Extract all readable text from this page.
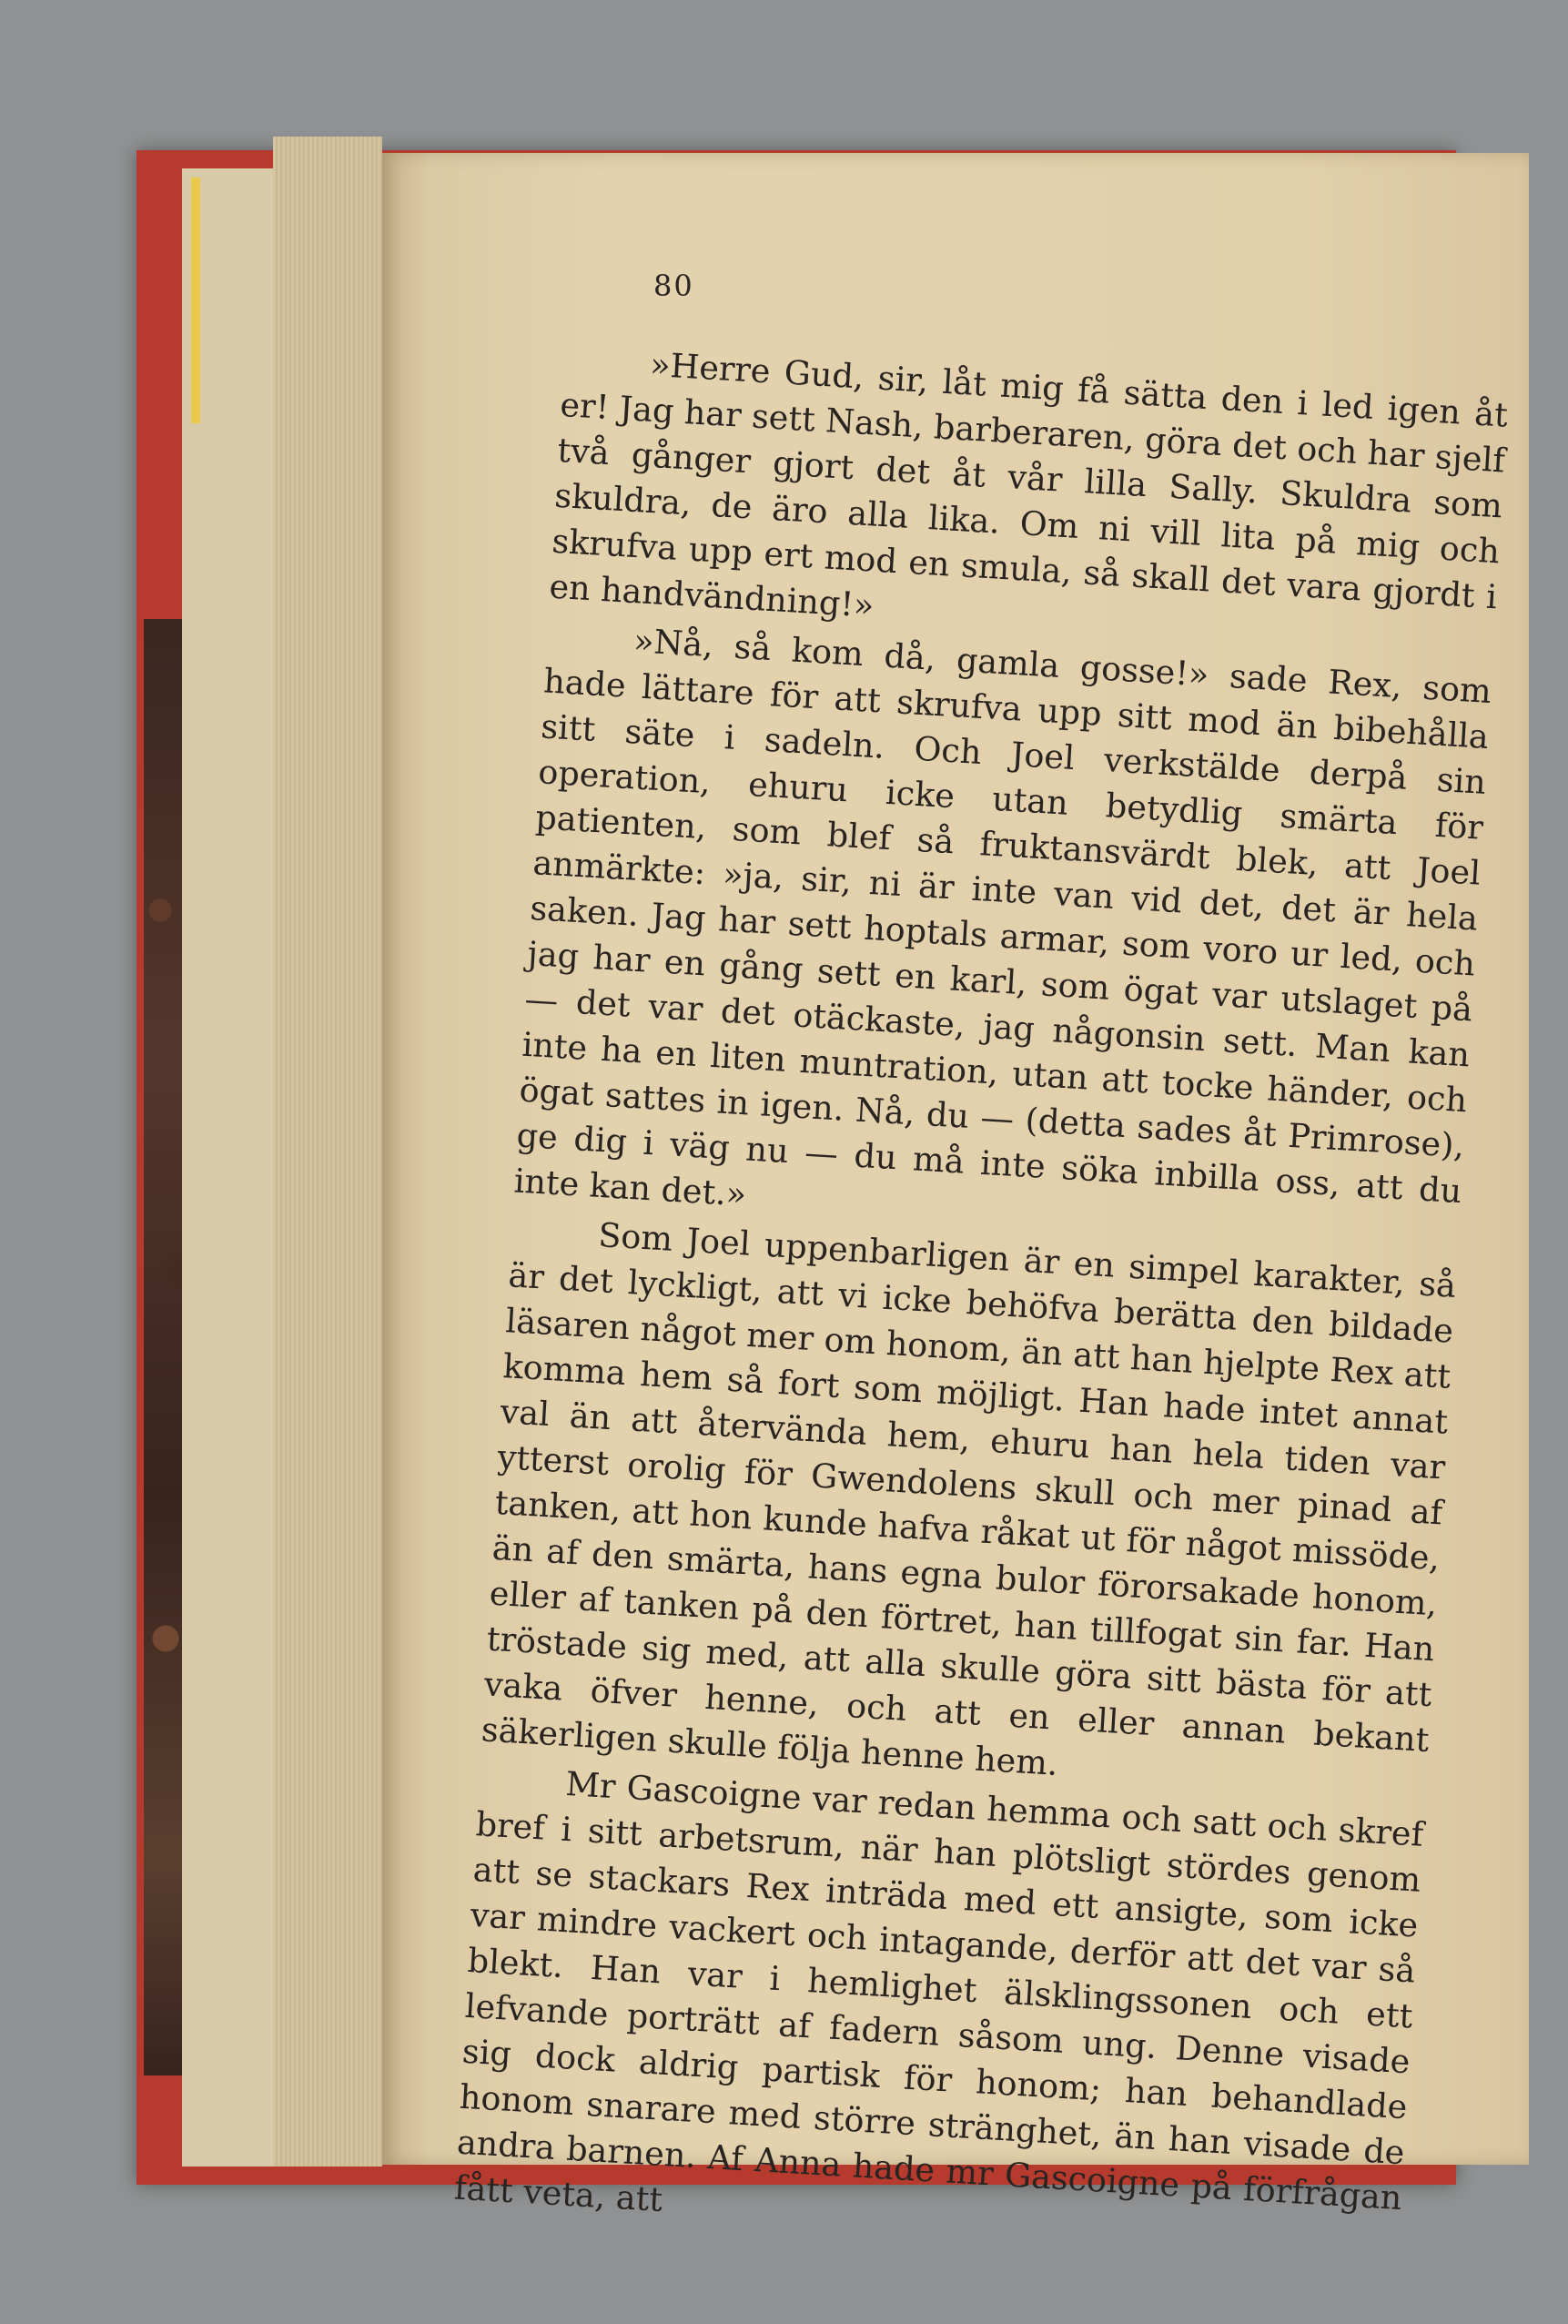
80

»Herre Gud, sir, låt mig få sätta den i led igen åt er! Jag har sett Nash, barberaren, göra det och har sjelf två gånger gjort det åt vår lilla Sally. Skuldra som skuldra, de äro alla lika. Om ni vill lita på mig och skrufva upp ert mod en smula, så skall det vara gjordt i en handvändning!»

»Nå, så kom då, gamla gosse!» sade Rex, som hade lättare för att skrufva upp sitt mod än bibehålla sitt säte i sadeln. Och Joel verkstälde derpå sin operation, ehuru icke utan betydlig smärta för patienten, som blef så fruktansvärdt blek, att Joel anmärkte: »ja, sir, ni är inte van vid det, det är hela saken. Jag har sett hoptals armar, som voro ur led, och jag har en gång sett en karl, som ögat var utslaget på — det var det otäckaste, jag någonsin sett. Man kan inte ha en liten muntration, utan att tocke händer, och ögat sattes in igen. Nå, du — (detta sades åt Primrose), ge dig i väg nu — du må inte söka inbilla oss, att du inte kan det.»

Som Joel uppenbarligen är en simpel karakter, så är det lyckligt, att vi icke behöfva berätta den bildade läsaren något mer om honom, än att han hjelpte Rex att komma hem så fort som möjligt. Han hade intet annat val än att återvända hem, ehuru han hela tiden var ytterst orolig för Gwendolens skull och mer pinad af tanken, att hon kunde hafva råkat ut för något missöde, än af den smärta, hans egna bulor förorsakade honom, eller af tanken på den förtret, han tillfogat sin far. Han tröstade sig med, att alla skulle göra sitt bästa för att vaka öfver henne, och att en eller annan bekant säkerligen skulle följa henne hem.

Mr Gascoigne var redan hemma och satt och skref bref i sitt arbetsrum, när han plötsligt stördes genom att se stackars Rex inträda med ett ansigte, som icke var mindre vackert och intagande, derför att det var så blekt. Han var i hemlighet älsklingssonen och ett lefvande porträtt af fadern såsom ung. Denne visade sig dock aldrig partisk för honom; han behandlade honom snarare med större stränghet, än han visade de andra barnen. Af Anna hade mr Gascoigne på förfrågan fått veta, att
